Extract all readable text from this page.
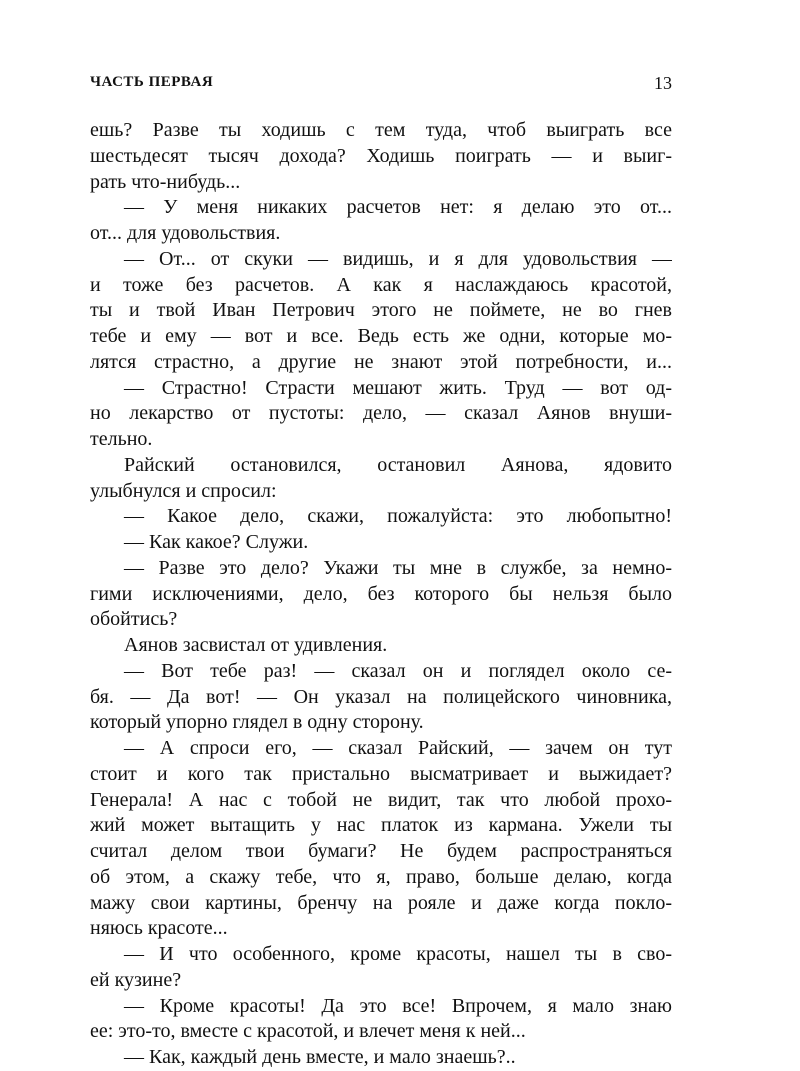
ЧАСТЬ ПЕРВАЯ	13
ешь? Разве ты ходишь с тем туда, чтоб выиграть все
шестьдесят тысяч дохода? Ходишь поиграть — и выиг-
рать что-нибудь...
— У меня никаких расчетов нет: я делаю это от...
от... для удовольствия.
— От... от скуки — видишь, и я для удовольствия —
и тоже без расчетов. А как я наслаждаюсь красотой,
ты и твой Иван Петрович этого не поймете, не во гнев
тебе и ему — вот и все. Ведь есть же одни, которые мо-
лятся страстно, а другие не знают этой потребности, и...
— Страстно! Страсти мешают жить. Труд — вот од-
но лекарство от пустоты: дело, — сказал Аянов внуши-
тельно.
Райский остановился, остановил Аянова, ядовито
улыбнулся и спросил:
— Какое дело, скажи, пожалуйста: это любопытно!
— Как какое? Служи.
— Разве это дело? Укажи ты мне в службе, за немно-
гими исключениями, дело, без которого бы нельзя было
обойтись?
Аянов засвистал от удивления.
— Вот тебе раз! — сказал он и поглядел около се-
бя. — Да вот! — Он указал на полицейского чиновника,
который упорно глядел в одну сторону.
— А спроси его, — сказал Райский, — зачем он тут
стоит и кого так пристально высматривает и выжидает?
Генерала! А нас с тобой не видит, так что любой прохо-
жий может вытащить у нас платок из кармана. Ужели ты
считал делом твои бумаги? Не будем распространяться
об этом, а скажу тебе, что я, право, больше делаю, когда
мажу свои картины, бренчу на рояле и даже когда покло-
няюсь красоте...
— И что особенного, кроме красоты, нашел ты в сво-
ей кузине?
— Кроме красоты! Да это все! Впрочем, я мало знаю
ее: это-то, вместе с красотой, и влечет меня к ней...
— Как, каждый день вместе, и мало знаешь?..
